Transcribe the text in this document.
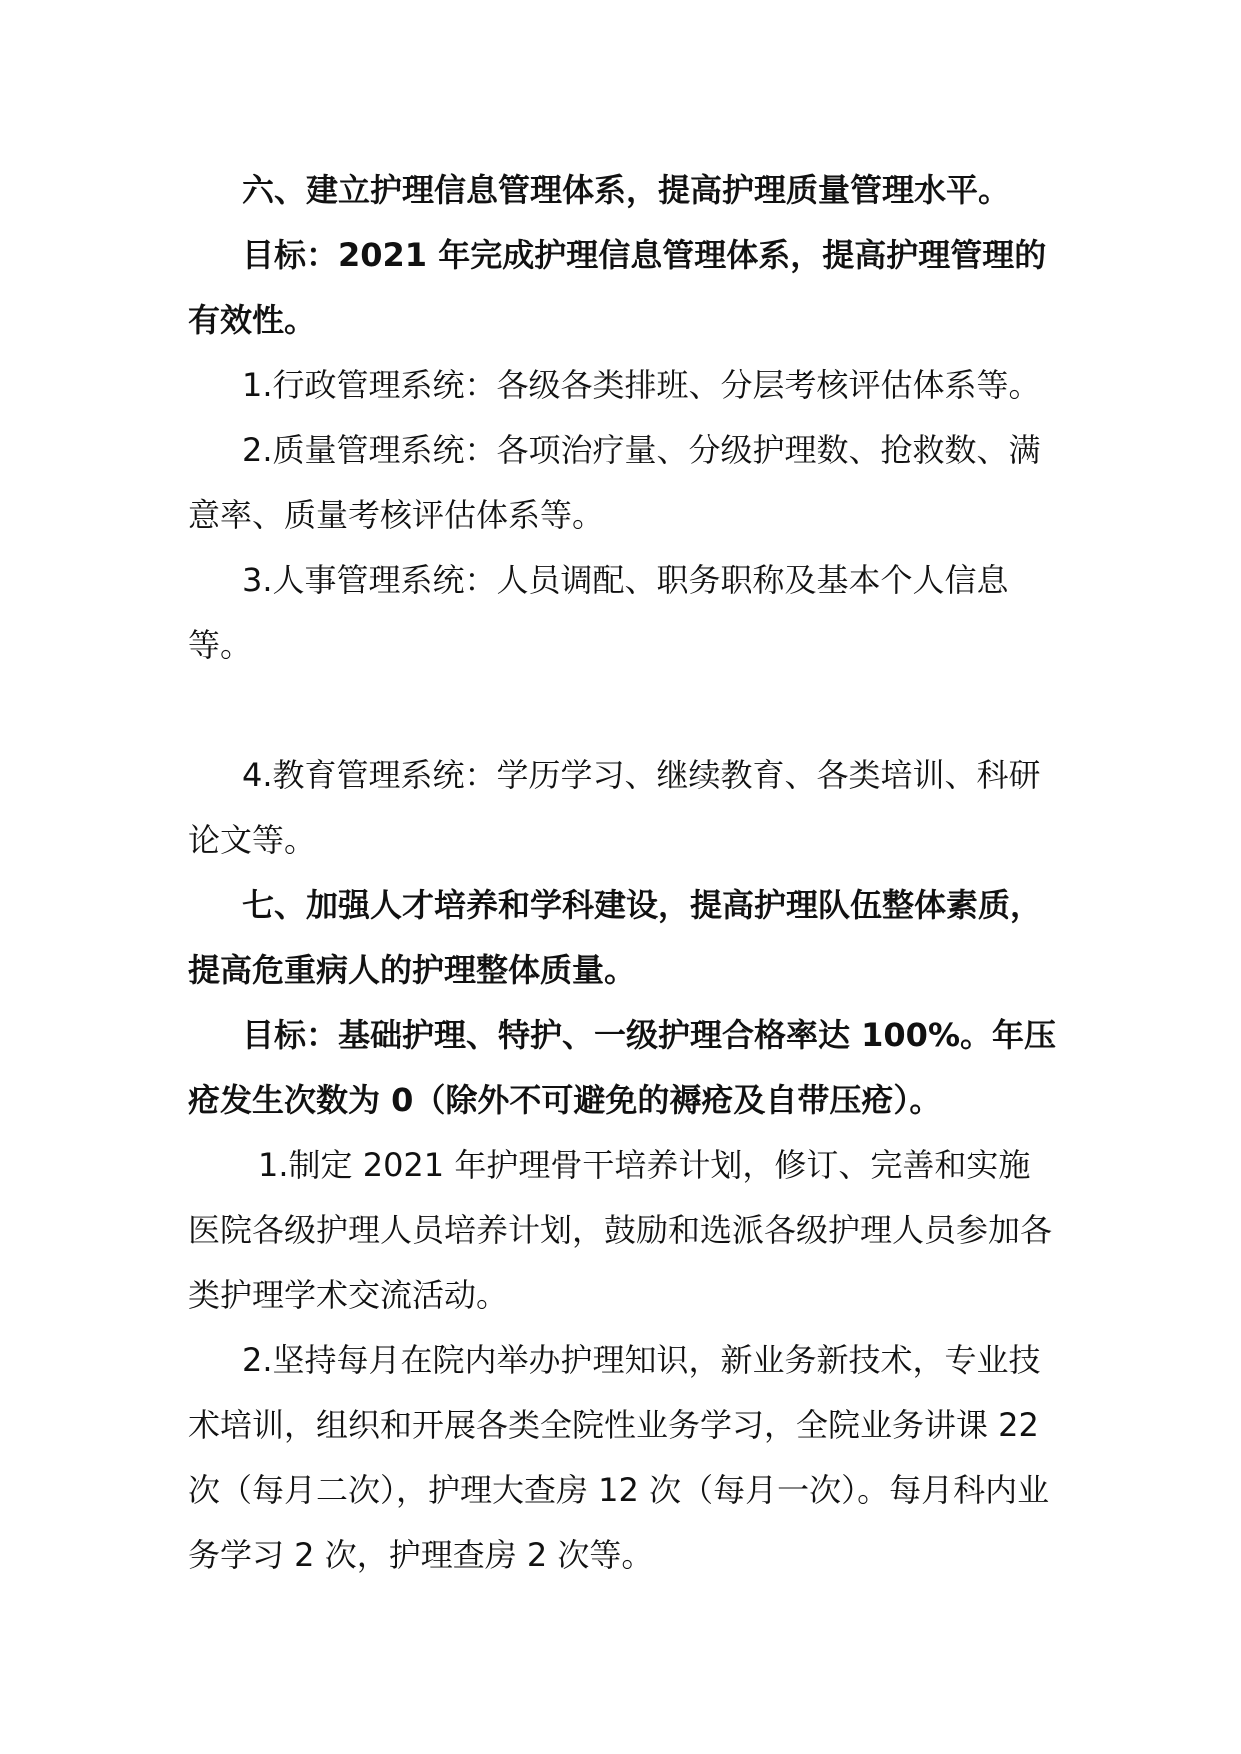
六、建立护理信息管理体系，提高护理质量管理水平。

目标：2021 年完成护理信息管理体系，提高护理管理的有效性。

1.行政管理系统：各级各类排班、分层考核评估体系等。

2.质量管理系统：各项治疗量、分级护理数、抢救数、满意率、质量考核评估体系等。

3.人事管理系统：人员调配、职务职称及基本个人信息等。

4.教育管理系统：学历学习、继续教育、各类培训、科研论文等。

七、加强人才培养和学科建设，提高护理队伍整体素质，提高危重病人的护理整体质量。

目标：基础护理、特护、一级护理合格率达 100%。年压疮发生次数为 0（除外不可避免的褥疮及自带压疮）。

1.制定 2021 年护理骨干培养计划，修订、完善和实施医院各级护理人员培养计划，鼓励和选派各级护理人员参加各类护理学术交流活动。

2.坚持每月在院内举办护理知识，新业务新技术，专业技术培训，组织和开展各类全院性业务学习，全院业务讲课 22 次（每月二次），护理大查房 12 次（每月一次）。每月科内业务学习 2 次，护理查房 2 次等。
